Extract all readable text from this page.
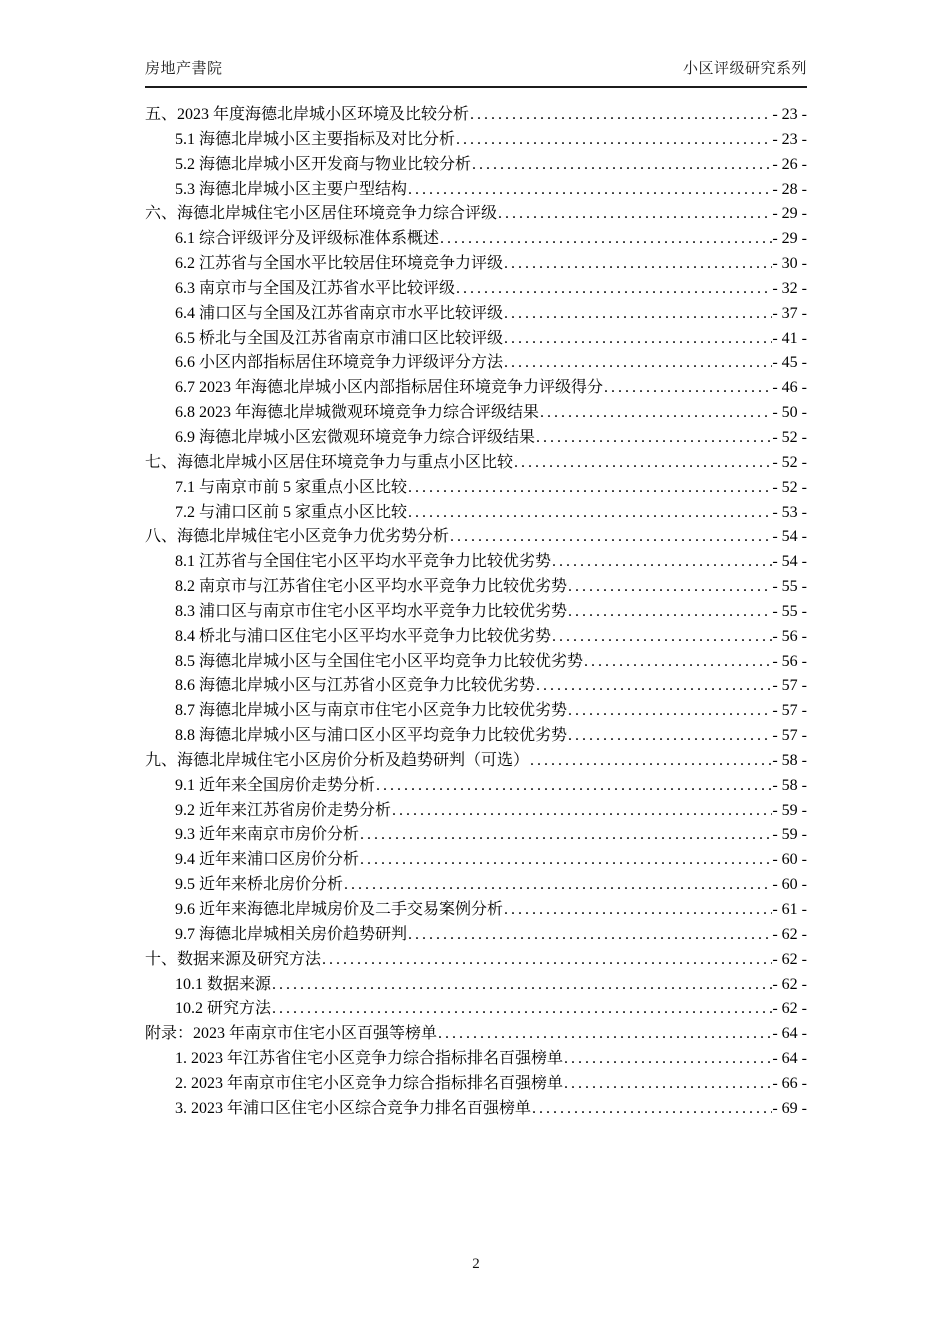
房地产書院	小区评级研究系列
五、2023 年度海德北岸城小区环境及比较分析 .....	- 23 -
5.1 海德北岸城小区主要指标及对比分析 .....	- 23 -
5.2 海德北岸城小区开发商与物业比较分析 .....	- 26 -
5.3 海德北岸城小区主要户型结构 .....	- 28 -
六、海德北岸城住宅小区居住环境竞争力综合评级 .....	- 29 -
6.1 综合评级评分及评级标准体系概述 .....	- 29 -
6.2 江苏省与全国水平比较居住环境竞争力评级 .....	- 30 -
6.3 南京市与全国及江苏省水平比较评级 .....	- 32 -
6.4 浦口区与全国及江苏省南京市水平比较评级 .....	- 37 -
6.5 桥北与全国及江苏省南京市浦口区比较评级 .....	- 41 -
6.6 小区内部指标居住环境竞争力评级评分方法 .....	- 45 -
6.7 2023 年海德北岸城小区内部指标居住环境竞争力评级得分 .....	- 46 -
6.8 2023 年海德北岸城微观环境竞争力综合评级结果 .....	- 50 -
6.9 海德北岸城小区宏微观环境竞争力综合评级结果 .....	- 52 -
七、海德北岸城小区居住环境竞争力与重点小区比较 .....	- 52 -
7.1 与南京市前 5 家重点小区比较 .....	- 52 -
7.2 与浦口区前 5 家重点小区比较 .....	- 53 -
八、海德北岸城住宅小区竞争力优劣势分析 .....	- 54 -
8.1 江苏省与全国住宅小区平均水平竞争力比较优劣势 .....	- 54 -
8.2 南京市与江苏省住宅小区平均水平竞争力比较优劣势 .....	- 55 -
8.3 浦口区与南京市住宅小区平均水平竞争力比较优劣势 .....	- 55 -
8.4 桥北与浦口区住宅小区平均水平竞争力比较优劣势 .....	- 56 -
8.5 海德北岸城小区与全国住宅小区平均竞争力比较优劣势 .....	- 56 -
8.6 海德北岸城小区与江苏省小区竞争力比较优劣势 .....	- 57 -
8.7 海德北岸城小区与南京市住宅小区竞争力比较优劣势 .....	- 57 -
8.8 海德北岸城小区与浦口区小区平均竞争力比较优劣势 .....	- 57 -
九、海德北岸城住宅小区房价分析及趋势研判（可选） .....	- 58 -
9.1 近年来全国房价走势分析 .....	- 58 -
9.2 近年来江苏省房价走势分析 .....	- 59 -
9.3 近年来南京市房价分析 .....	- 59 -
9.4 近年来浦口区房价分析 .....	- 60 -
9.5 近年来桥北房价分析 .....	- 60 -
9.6 近年来海德北岸城房价及二手交易案例分析 .....	- 61 -
9.7 海德北岸城相关房价趋势研判 .....	- 62 -
十、数据来源及研究方法 .....	- 62 -
10.1 数据来源 .....	- 62 -
10.2 研究方法 .....	- 62 -
附录：2023 年南京市住宅小区百强等榜单 .....	- 64 -
1. 2023 年江苏省住宅小区竞争力综合指标排名百强榜单 .....	- 64 -
2. 2023 年南京市住宅小区竞争力综合指标排名百强榜单 .....	- 66 -
3. 2023 年浦口区住宅小区综合竞争力排名百强榜单 .....	- 69 -
2
